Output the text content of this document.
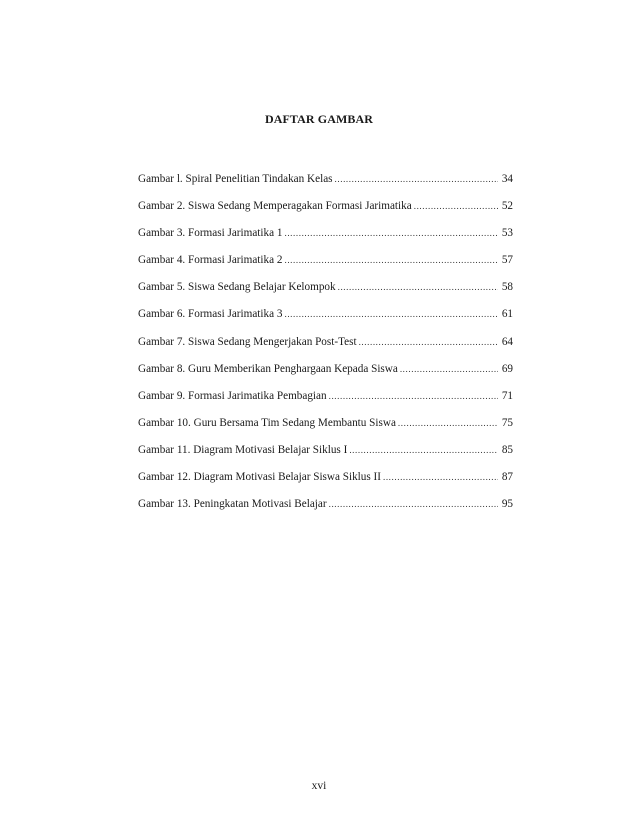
DAFTAR GAMBAR
Gambar l. Spiral Penelitian Tindakan Kelas .....	34
Gambar 2. Siswa Sedang Memperagakan Formasi Jarimatika .....	52
Gambar 3. Formasi Jarimatika 1 .....	53
Gambar 4. Formasi Jarimatika 2 .....	57
Gambar 5. Siswa Sedang Belajar Kelompok .....	58
Gambar 6. Formasi Jarimatika 3 .....	61
Gambar 7. Siswa Sedang Mengerjakan Post-Test .....	64
Gambar 8. Guru Memberikan Penghargaan Kepada Siswa .....	69
Gambar 9. Formasi Jarimatika Pembagian .....	71
Gambar 10. Guru Bersama Tim Sedang Membantu Siswa .....	75
Gambar 11. Diagram Motivasi Belajar Siklus I .....	85
Gambar 12. Diagram Motivasi Belajar Siswa Siklus II .....	87
Gambar 13. Peningkatan Motivasi Belajar .....	95

xvi
